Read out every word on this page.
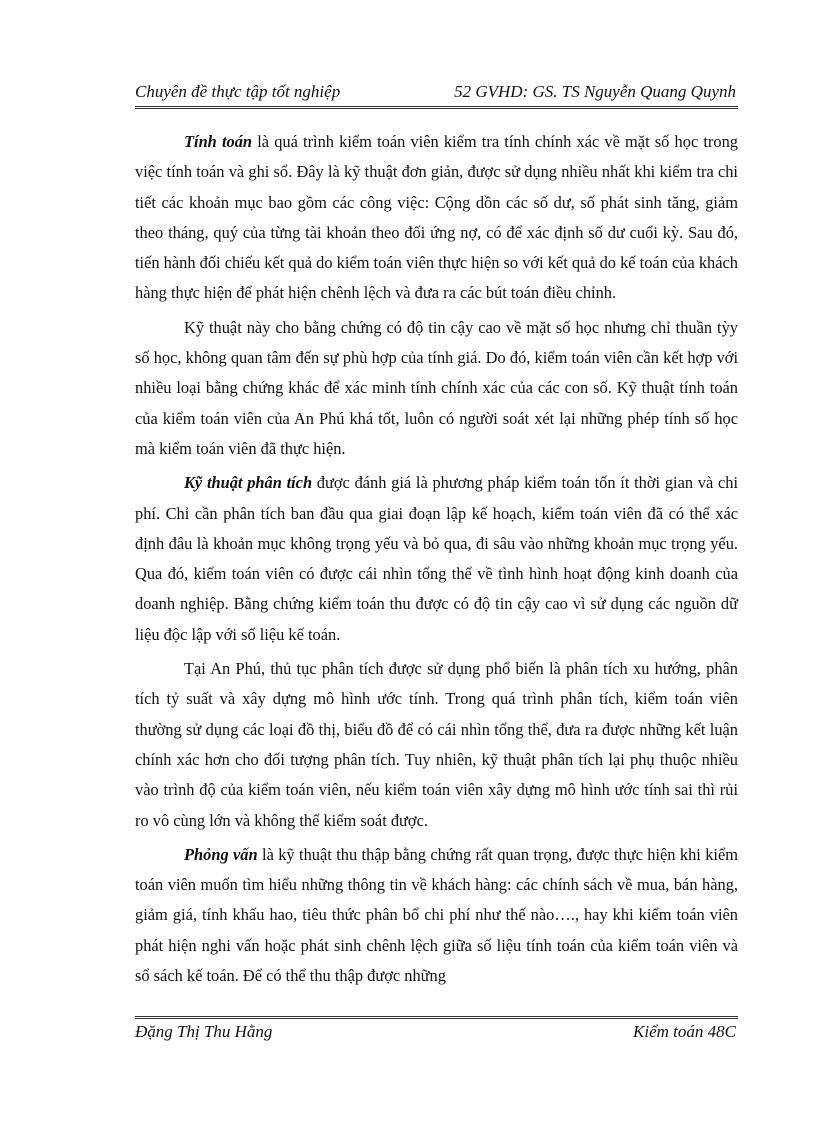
Chuyên đề thực tập tốt nghiệp	52 GVHD: GS. TS Nguyễn Quang Quynh

Tính toán là quá trình kiểm toán viên kiểm tra tính chính xác về mặt số học trong việc tính toán và ghi sổ. Đây là kỹ thuật đơn giản, được sử dụng nhiều nhất khi kiểm tra chi tiết các khoản mục bao gồm các công việc: Cộng dồn các số dư, số phát sinh tăng, giảm theo tháng, quý của từng tài khoản theo đối ứng nợ, có để xác định số dư cuối kỳ. Sau đó, tiến hành đối chiếu kết quả do kiểm toán viên thực hiện so với kết quả do kế toán của khách hàng thực hiện để phát hiện chênh lệch và đưa ra các bút toán điều chỉnh.

Kỹ thuật này cho bằng chứng có độ tin cậy cao về mặt số học nhưng chỉ thuần tỳy số học, không quan tâm đến sự phù hợp của tính giá. Do đó, kiểm toán viên cần kết hợp với nhiều loại bằng chứng khác để xác minh tính chính xác của các con số. Kỹ thuật tính toán của kiểm toán viên của An Phú khá tốt, luôn có người soát xét lại những phép tính số học mà kiểm toán viên đã thực hiện.

Kỹ thuật phân tích được đánh giá là phương pháp kiểm toán tốn ít thời gian và chi phí. Chỉ cần phân tích ban đầu qua giai đoạn lập kế hoạch, kiểm toán viên đã có thể xác định đâu là khoản mục không trọng yếu và bỏ qua, đi sâu vào những khoản mục trọng yếu. Qua đó, kiểm toán viên có được cái nhìn tổng thể về tình hình hoạt động kinh doanh của doanh nghiệp. Bằng chứng kiểm toán thu được có độ tin cậy cao vì sử dụng các nguồn dữ liệu độc lập với số liệu kế toán.

Tại An Phú, thủ tục phân tích được sử dụng phổ biến là phân tích xu hướng, phân tích tỷ suất và xây dựng mô hình ước tính. Trong quá trình phân tích, kiểm toán viên thường sử dụng các loại đồ thị, biểu đồ để có cái nhìn tổng thể, đưa ra được những kết luận chính xác hơn cho đối tượng phân tích. Tuy nhiên, kỹ thuật phân tích lại phụ thuộc nhiều vào trình độ của kiểm toán viên, nếu kiểm toán viên xây dựng mô hình ước tính sai thì rủi ro vô cùng lớn và không thể kiểm soát được.

Phỏng vấn là kỹ thuật thu thập bằng chứng rất quan trọng, được thực hiện khi kiểm toán viên muốn tìm hiểu những thông tin về khách hàng: các chính sách về mua, bán hàng, giảm giá, tính khấu hao, tiêu thức phân bổ chi phí như thế nào…., hay khi kiểm toán viên phát hiện nghi vấn hoặc phát sinh chênh lệch giữa số liệu tính toán của kiểm toán viên và sổ sách kế toán. Để có thể thu thập được những

Đặng Thị Thu Hằng	Kiểm toán 48C
